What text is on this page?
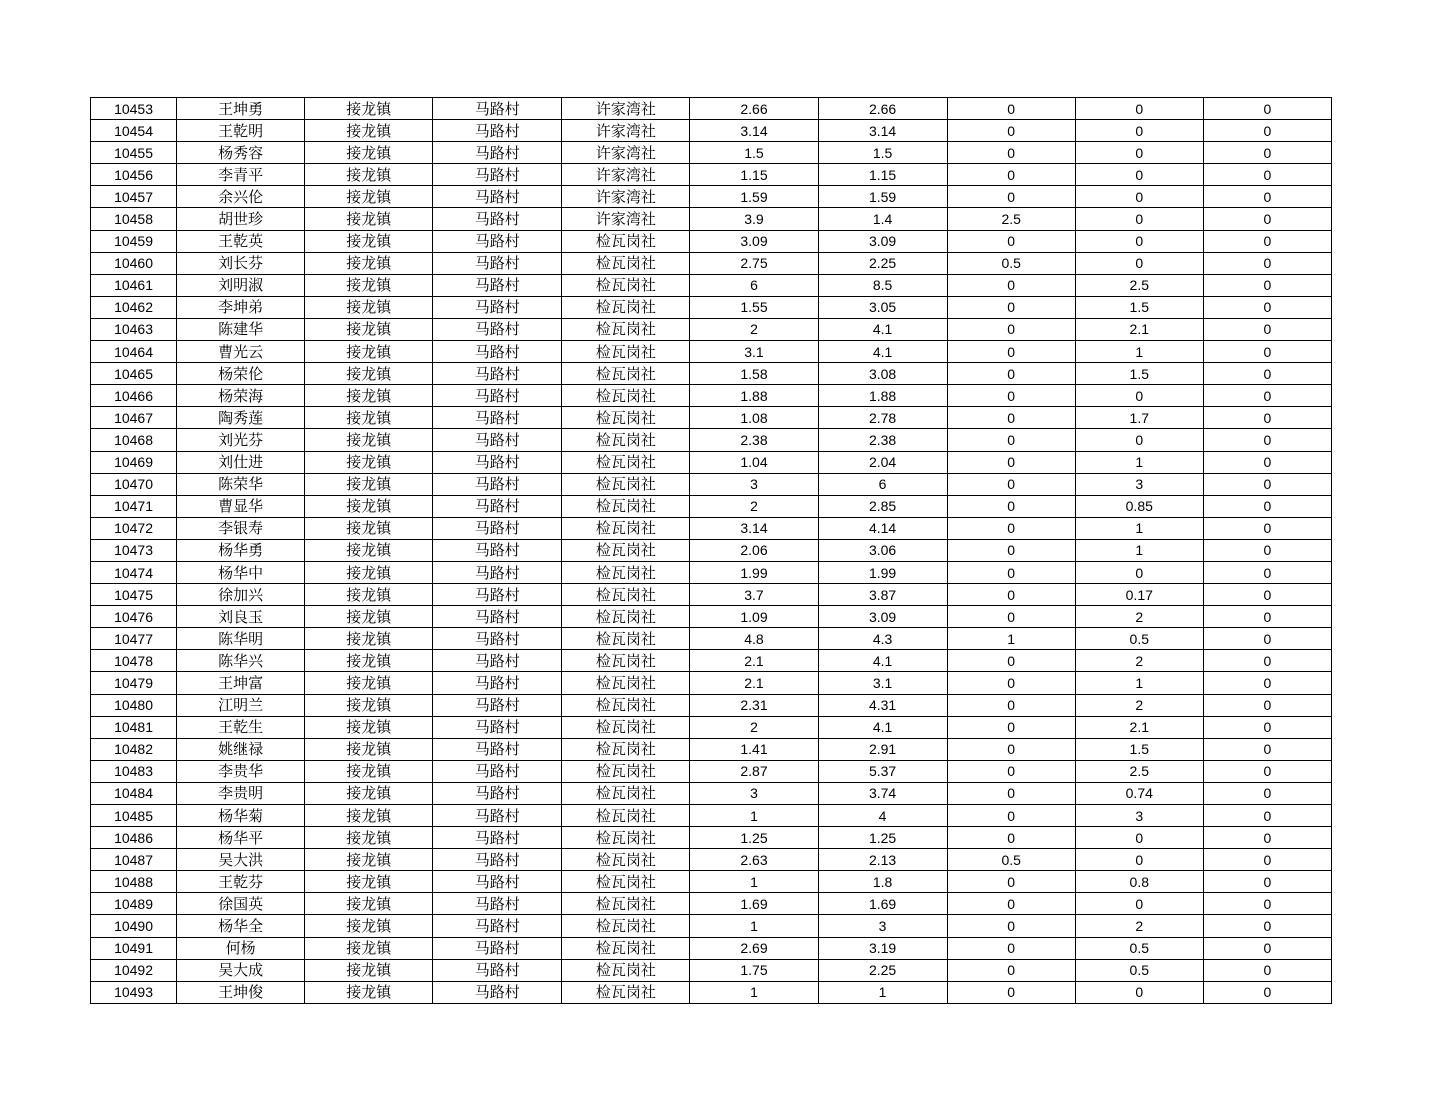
10453	王坤勇	接龙镇	马路村	许家湾社	2.66	2.66	0	0	0
10454	王乾明	接龙镇	马路村	许家湾社	3.14	3.14	0	0	0
10455	杨秀容	接龙镇	马路村	许家湾社	1.5	1.5	0	0	0
10456	李青平	接龙镇	马路村	许家湾社	1.15	1.15	0	0	0
10457	余兴伦	接龙镇	马路村	许家湾社	1.59	1.59	0	0	0
10458	胡世珍	接龙镇	马路村	许家湾社	3.9	1.4	2.5	0	0
10459	王乾英	接龙镇	马路村	检瓦岗社	3.09	3.09	0	0	0
10460	刘长芬	接龙镇	马路村	检瓦岗社	2.75	2.25	0.5	0	0
10461	刘明淑	接龙镇	马路村	检瓦岗社	6	8.5	0	2.5	0
10462	李坤弟	接龙镇	马路村	检瓦岗社	1.55	3.05	0	1.5	0
10463	陈建华	接龙镇	马路村	检瓦岗社	2	4.1	0	2.1	0
10464	曹光云	接龙镇	马路村	检瓦岗社	3.1	4.1	0	1	0
10465	杨荣伦	接龙镇	马路村	检瓦岗社	1.58	3.08	0	1.5	0
10466	杨荣海	接龙镇	马路村	检瓦岗社	1.88	1.88	0	0	0
10467	陶秀莲	接龙镇	马路村	检瓦岗社	1.08	2.78	0	1.7	0
10468	刘光芬	接龙镇	马路村	检瓦岗社	2.38	2.38	0	0	0
10469	刘仕进	接龙镇	马路村	检瓦岗社	1.04	2.04	0	1	0
10470	陈荣华	接龙镇	马路村	检瓦岗社	3	6	0	3	0
10471	曹显华	接龙镇	马路村	检瓦岗社	2	2.85	0	0.85	0
10472	李银寿	接龙镇	马路村	检瓦岗社	3.14	4.14	0	1	0
10473	杨华勇	接龙镇	马路村	检瓦岗社	2.06	3.06	0	1	0
10474	杨华中	接龙镇	马路村	检瓦岗社	1.99	1.99	0	0	0
10475	徐加兴	接龙镇	马路村	检瓦岗社	3.7	3.87	0	0.17	0
10476	刘良玉	接龙镇	马路村	检瓦岗社	1.09	3.09	0	2	0
10477	陈华明	接龙镇	马路村	检瓦岗社	4.8	4.3	1	0.5	0
10478	陈华兴	接龙镇	马路村	检瓦岗社	2.1	4.1	0	2	0
10479	王坤富	接龙镇	马路村	检瓦岗社	2.1	3.1	0	1	0
10480	江明兰	接龙镇	马路村	检瓦岗社	2.31	4.31	0	2	0
10481	王乾生	接龙镇	马路村	检瓦岗社	2	4.1	0	2.1	0
10482	姚继禄	接龙镇	马路村	检瓦岗社	1.41	2.91	0	1.5	0
10483	李贵华	接龙镇	马路村	检瓦岗社	2.87	5.37	0	2.5	0
10484	李贵明	接龙镇	马路村	检瓦岗社	3	3.74	0	0.74	0
10485	杨华菊	接龙镇	马路村	检瓦岗社	1	4	0	3	0
10486	杨华平	接龙镇	马路村	检瓦岗社	1.25	1.25	0	0	0
10487	吴大洪	接龙镇	马路村	检瓦岗社	2.63	2.13	0.5	0	0
10488	王乾芬	接龙镇	马路村	检瓦岗社	1	1.8	0	0.8	0
10489	徐国英	接龙镇	马路村	检瓦岗社	1.69	1.69	0	0	0
10490	杨华全	接龙镇	马路村	检瓦岗社	1	3	0	2	0
10491	何杨	接龙镇	马路村	检瓦岗社	2.69	3.19	0	0.5	0
10492	吴大成	接龙镇	马路村	检瓦岗社	1.75	2.25	0	0.5	0
10493	王坤俊	接龙镇	马路村	检瓦岗社	1	1	0	0	0
